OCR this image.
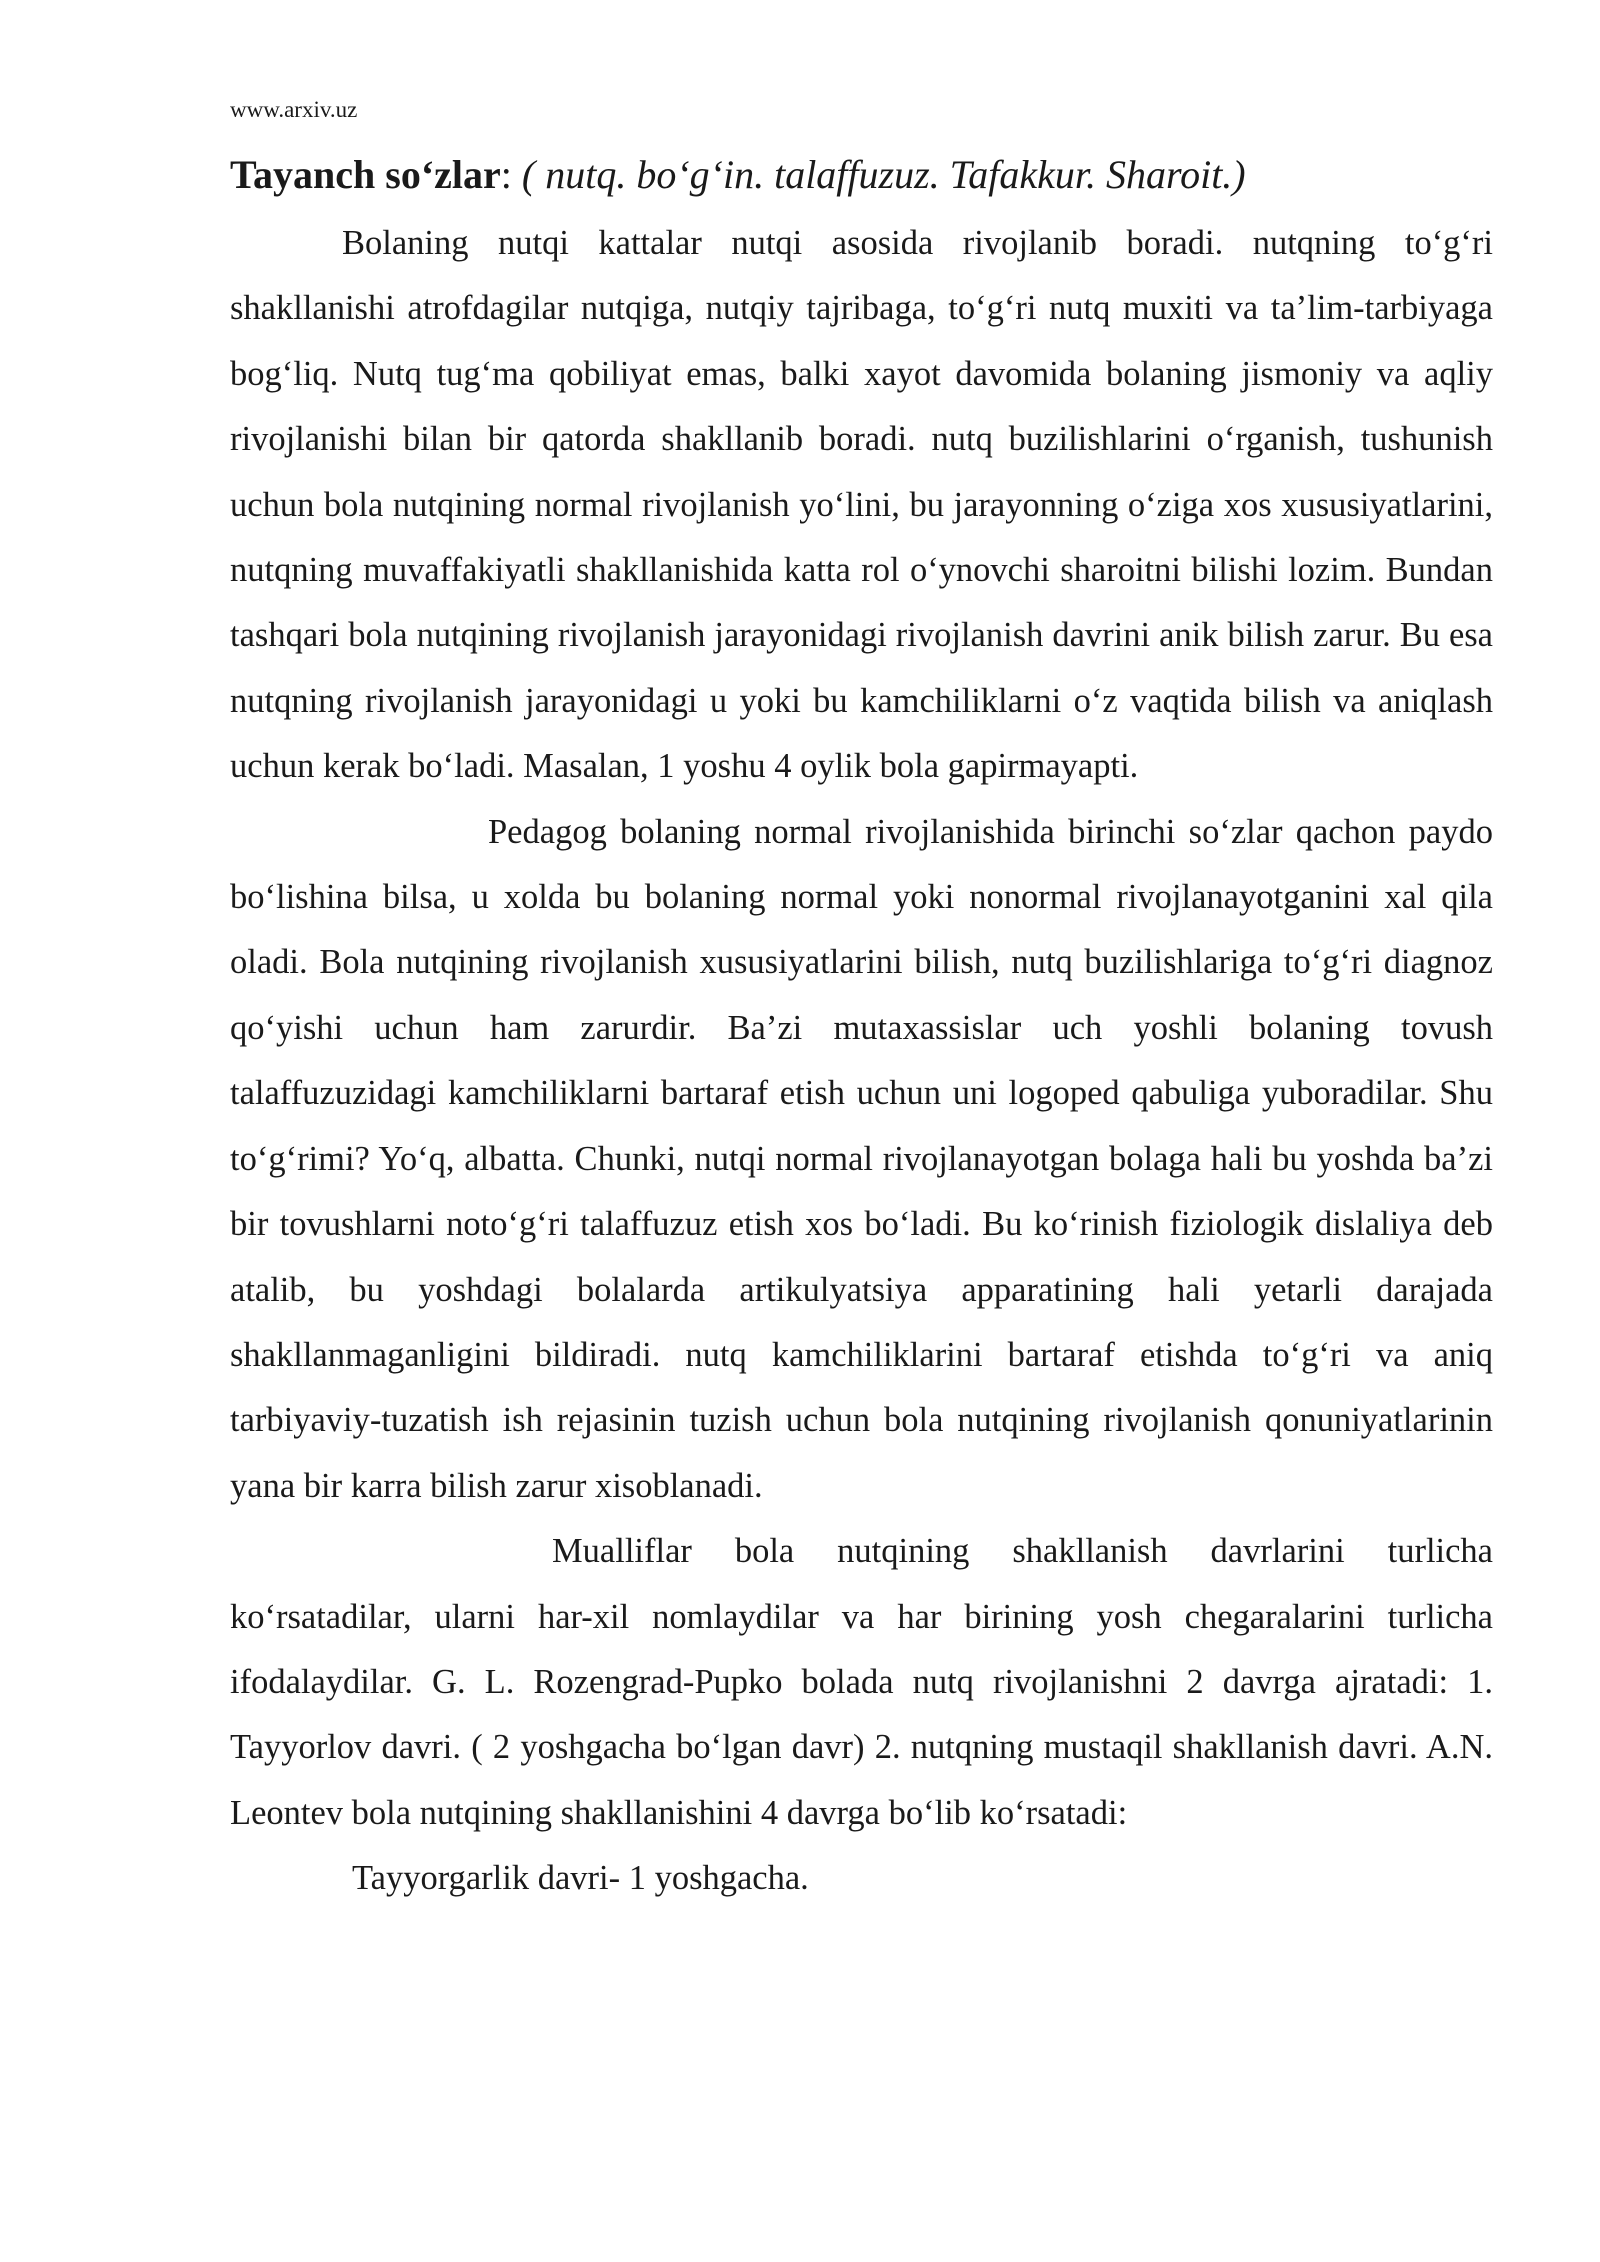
www.arxiv.uz
Tayanch so‘zlar: ( nutq. bo‘g‘in. talaffuzuz. Tafakkur. Sharoit.)

Bolaning nutqi kattalar nutqi asosida rivojlanib boradi. nutqning to‘g‘ri shakllanishi atrofdagilar nutqiga, nutqiy tajribaga, to‘g‘ri nutq muxiti va ta’lim-tarbiyaga bog‘liq. Nutq tug‘ma qobiliyat emas, balki xayot davomida bolaning jismoniy va aqliy rivojlanishi bilan bir qatorda shakllanib boradi. nutq buzilishlarini o‘rganish, tushunish uchun bola nutqining normal rivojlanish yo‘lini, bu jarayonning o‘ziga xos xususiyatlarini, nutqning muvaffakiyatli shakllanishida katta rol o‘ynovchi sharoitni bilishi lozim. Bundan tashqari bola nutqining rivojlanish jarayonidagi rivojlanish davrini anik bilish zarur. Bu esa nutqning rivojlanish jarayonidagi u yoki bu kamchiliklarni o‘z vaqtida bilish va aniqlash uchun kerak bo‘ladi. Masalan, 1 yoshu 4 oylik bola gapirmayapti.

Pedagog bolaning normal rivojlanishida birinchi so‘zlar qachon paydo bo‘lishina bilsa, u xolda bu bolaning normal yoki nonormal rivojlanayotganini xal qila oladi. Bola nutqining rivojlanish xususiyatlarini bilish, nutq buzilishlariga to‘g‘ri diagnoz qo‘yishi uchun ham zarurdir. Ba’zi mutaxassislar uch yoshli bolaning tovush talaffuzuzidagi kamchiliklarni bartaraf etish uchun uni logoped qabuliga yuboradilar. Shu to‘g‘rimi? Yo‘q, albatta. Chunki, nutqi normal rivojlanayotgan bolaga hali bu yoshda ba’zi bir tovushlarni noto‘g‘ri talaffuzuz etish xos bo‘ladi. Bu ko‘rinish fiziologik dislaliya deb atalib, bu yoshdagi bolalarda artikulyatsiya apparatining hali yetarli darajada shakllanmaganligini bildiradi. nutq kamchiliklarini bartaraf etishda to‘g‘ri va aniq tarbiyaviy-tuzatish ish rejasinin tuzish uchun bola nutqining rivojlanish qonuniyatlarinin yana bir karra bilish zarur xisoblanadi.

Mualliflar bola nutqining shakllanish davrlarini turlicha ko‘rsatadilar, ularni har-xil nomlaydilar va har birining yosh chegaralarini turlicha ifodalaydilar. G. L. Rozengrad-Pupko bolada nutq rivojlanishni 2 davrga ajratadi: 1. Tayyorlov davri. ( 2 yoshgacha bo‘lgan davr) 2. nutqning mustaqil shakllanish davri. A.N. Leontev bola nutqining shakllanishini 4 davrga bo‘lib ko‘rsatadi:

Tayyorgarlik davri- 1 yoshgacha.
